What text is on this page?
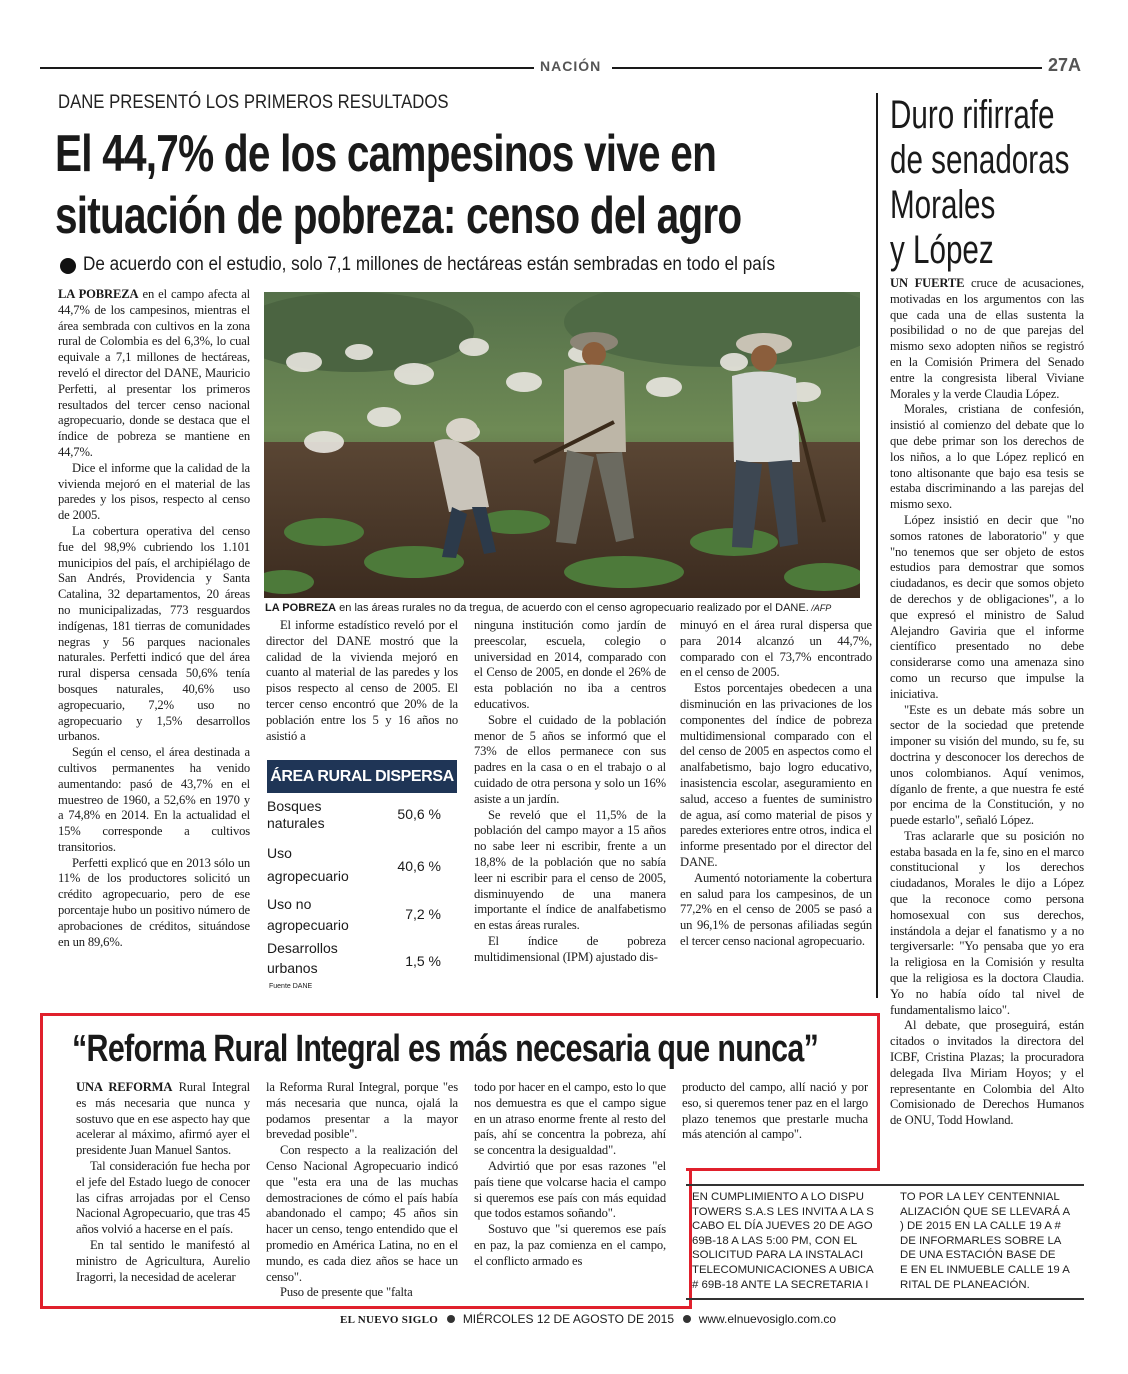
NACIÓN	27A
DANE PRESENTÓ LOS PRIMEROS RESULTADOS
El 44,7% de los campesinos vive en
situación de pobreza: censo del agro
De acuerdo con el estudio, solo 7,1 millones de hectáreas están sembradas en todo el país

LA POBREZA en el campo afecta al 44,7% de los campesinos, mientras el área sembrada con cultivos en la zona rural de Colombia es del 6,3%, lo cual equivale a 7,1 millones de hectáreas, reveló el director del DANE, Mauricio Perfetti, al presentar los primeros resultados del tercer censo nacional agropecuario, donde se destaca que el índice de pobreza se mantiene en 44,7%.

Dice el informe que la calidad de la vivienda mejoró en el material de las paredes y los pisos, respecto al censo de 2005.

La cobertura operativa del censo fue del 98,9% cubriendo los 1.101 municipios del país, el archipiélago de San Andrés, Providencia y Santa Catalina, 32 departamentos, 20 áreas no municipalizadas, 773 resguardos indígenas, 181 tierras de comunidades negras y 56 parques nacionales naturales. Perfetti indicó que del área rural dispersa censada 50,6% tenía bosques naturales, 40,6% uso agropecuario, 7,2% uso no agropecuario y 1,5% desarrollos urbanos.

Según el censo, el área destinada a cultivos permanentes ha venido aumentando: pasó de 43,7% en el muestreo de 1960, a 52,6% en 1970 y a 74,8% en 2014. En la actualidad el 15% corresponde a cultivos transitorios.

Perfetti explicó que en 2013 sólo un 11% de los productores solicitó un crédito agropecuario, pero de ese porcentaje hubo un positivo número de aprobaciones de créditos, situándose en un 89,6%.

LA POBREZA en las áreas rurales no da tregua, de acuerdo con el censo agropecuario realizado por el DANE. /AFP

El informe estadístico reveló por el director del DANE mostró que la calidad de la vivienda mejoró en cuanto al material de las paredes y los pisos respecto al censo de 2005. El tercer censo encontró que 20% de la población entre los 5 y 16 años no asistió a

ÁREA RURAL DISPERSA
Bosques
naturales
50,6 %
Uso
agropecuario
40,6 %
Uso no
agropecuario
7,2 %
Desarrollos
urbanos	1,5 %
Fuente DANE

ninguna institución como jardín de preescolar, escuela, colegio o universidad en 2014, comparado con el Censo de 2005, en donde el 26% de esta población no iba a centros educativos.

Sobre el cuidado de la población menor de 5 años se informó que el 73% de ellos permanece con sus padres en la casa o en el trabajo o al cuidado de otra persona y solo un 16% asiste a un jardín.

Se reveló que el 11,5% de la población del campo mayor a 15 años no sabe leer ni escribir, frente a un 18,8% de la población que no sabía leer ni escribir para el censo de 2005, disminuyendo de una manera importante el índice de analfabetismo en estas áreas rurales.

El índice de pobreza multidimensional (IPM) ajustado dis-

minuyó en el área rural dispersa que para 2014 alcanzó un 44,7%, comparado con el 73,7% encontrado en el censo de 2005.

Estos porcentajes obedecen a una disminución en las privaciones de los componentes del índice de pobreza multidimensional comparado con el del censo de 2005 en aspectos como el analfabetismo, bajo logro educativo, inasistencia escolar, aseguramiento en salud, acceso a fuentes de suministro de agua, así como material de pisos y paredes exteriores entre otros, indica el informe presentado por el director del DANE.

Aumentó notoriamente la cobertura en salud para los campesinos, de un 77,2% en el censo de 2005 se pasó a un 96,1% de personas afiliadas según el tercer censo nacional agropecuario.

Duro rifirrafe
de senadoras
Morales
y López

UN FUERTE cruce de acusaciones, motivadas en los argumentos con las que cada una de ellas sustenta la posibilidad o no de que parejas del mismo sexo adopten niños se registró en la Comisión Primera del Senado entre la congresista liberal Viviane Morales y la verde Claudia López.

Morales, cristiana de confesión, insistió al comienzo del debate que lo que debe primar son los derechos de los niños, a lo que López replicó en tono altisonante que bajo esa tesis se estaba discriminando a las parejas del mismo sexo.

López insistió en decir que "no somos ratones de laboratorio" y que "no tenemos que ser objeto de estos estudios para demostrar que somos ciudadanos, es decir que somos objeto de derechos y de obligaciones", a lo que expresó el ministro de Salud Alejandro Gaviria que el informe científico presentado no debe considerarse como una amenaza sino como un recurso que impulse la iniciativa.

"Este es un debate más sobre un sector de la sociedad que pretende imponer su visión del mundo, su fe, su doctrina y desconocer los derechos de unos colombianos. Aquí venimos, díganlo de frente, a que nuestra fe esté por encima de la Constitución, y no puede estarlo", señaló López.

Tras aclararle que su posición no estaba basada en la fe, sino en el marco constitucional y los derechos ciudadanos, Morales le dijo a López que la reconoce como persona homosexual con sus derechos, instándola a dejar el fanatismo y a no tergiversarle: "Yo pensaba que yo era la religiosa en la Comisión y resulta que la religiosa es la doctora Claudia. Yo no había oído tal nivel de fundamentalismo laico".

Al debate, que proseguirá, están citados o invitados la directora del ICBF, Cristina Plazas; la procuradora delegada Ilva Miriam Hoyos; y el representante en Colombia del Alto Comisionado de Derechos Humanos de ONU, Todd Howland.

“Reforma Rural Integral es más necesaria que nunca”

UNA REFORMA Rural Integral es más necesaria que nunca y sostuvo que en ese aspecto hay que acelerar al máximo, afirmó ayer el presidente Juan Manuel Santos.

Tal consideración fue hecha por el jefe del Estado luego de conocer las cifras arrojadas por el Censo Nacional Agropecuario, que tras 45 años volvió a hacerse en el país.

En tal sentido le manifestó al ministro de Agricultura, Aurelio Iragorri, la necesidad de acelerar

la Reforma Rural Integral, porque "es más necesaria que nunca, ojalá la podamos presentar a la mayor brevedad posible".

Con respecto a la realización del Censo Nacional Agropecuario indicó que "esta era una de las muchas demostraciones de cómo el país había abandonado el campo; 45 años sin hacer un censo, tengo entendido que el promedio en América Latina, no en el mundo, es cada diez años se hace un censo".

Puso de presente que "falta

todo por hacer en el campo, esto lo que nos demuestra es que el campo sigue en un atraso enorme frente al resto del país, ahí se concentra la pobreza, ahí se concentra la desigualdad".

Advirtió que por esas razones "el país tiene que volcarse hacia el campo si queremos ese país con más equidad que todos estamos soñando".

Sostuvo que "si queremos ese país en paz, la paz comienza en el campo, el conflicto armado es

producto del campo, allí nació y por eso, si queremos tener paz en el largo plazo tenemos que prestarle mucha más atención al campo".

EN CUMPLIMIENTO A LO DISPU
TOWERS S.A.S LES INVITA A LA S
CABO EL DÍA JUEVES 20 DE AGO
69B-18 A LAS 5:00 PM, CON EL
SOLICITUD PARA LA INSTALACI
TELECOMUNICACIONES A UBICA
# 69B-18 ANTE LA SECRETARIA I
TO POR LA LEY CENTENNIAL
ALIZACIÓN QUE SE LLEVARÁ A
) DE 2015 EN LA CALLE 19 A #
DE INFORMARLES SOBRE LA
DE UNA ESTACIÓN BASE DE
E EN EL INMUEBLE CALLE 19 A
RITAL DE PLANEACIÓN.
EL NUEVO SIGLO MIÉRCOLES 12 DE AGOSTO DE 2015 www.elnuevosiglo.com.co
